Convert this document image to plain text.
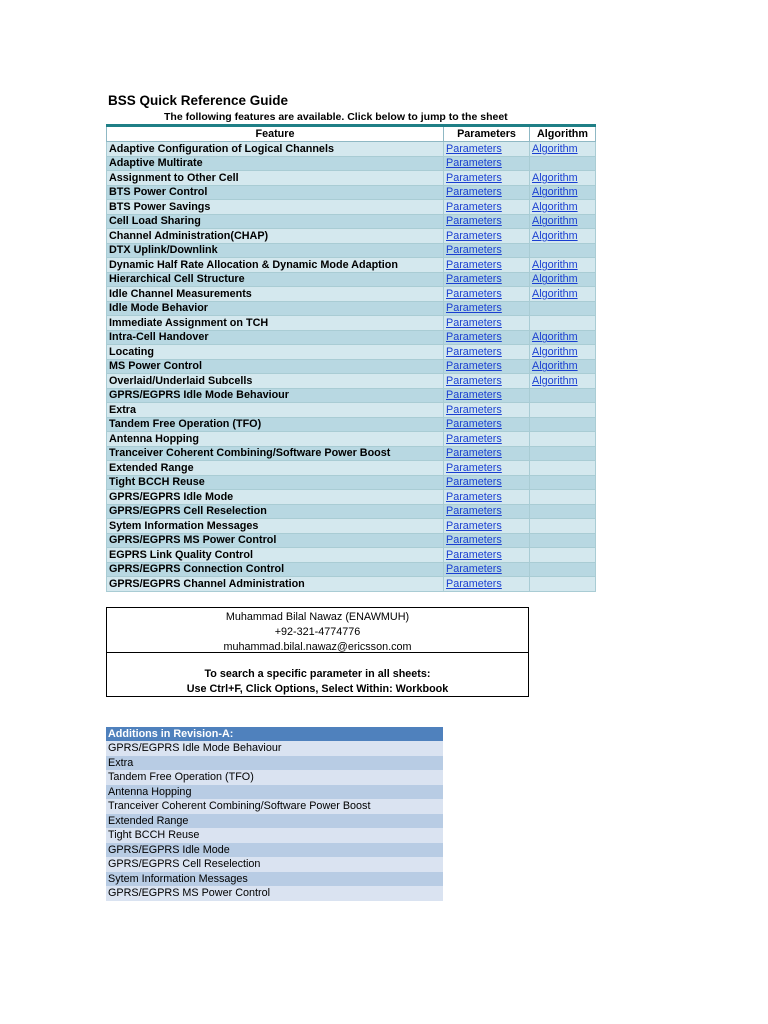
BSS Quick Reference Guide
The following features are available. Click below to jump to the sheet
Feature	Parameters	Algorithm
Adaptive Configuration of Logical Channels	Parameters	Algorithm
Adaptive Multirate	Parameters	
Assignment to Other Cell	Parameters	Algorithm
BTS Power Control	Parameters	Algorithm
BTS Power Savings	Parameters	Algorithm
Cell Load Sharing	Parameters	Algorithm
Channel Administration(CHAP)	Parameters	Algorithm
DTX Uplink/Downlink	Parameters	
Dynamic Half Rate Allocation & Dynamic Mode Adaption	Parameters	Algorithm
Hierarchical Cell Structure	Parameters	Algorithm
Idle Channel Measurements	Parameters	Algorithm
Idle Mode Behavior	Parameters	
Immediate Assignment on TCH	Parameters	
Intra-Cell Handover	Parameters	Algorithm
Locating	Parameters	Algorithm
MS Power Control	Parameters	Algorithm
Overlaid/Underlaid Subcells	Parameters	Algorithm
GPRS/EGPRS Idle Mode Behaviour	Parameters	
Extra	Parameters	
Tandem Free Operation (TFO)	Parameters	
Antenna Hopping	Parameters	
Tranceiver Coherent Combining/Software Power Boost	Parameters	
Extended Range	Parameters	
Tight BCCH Reuse	Parameters	
GPRS/EGPRS Idle Mode	Parameters	
GPRS/EGPRS Cell Reselection	Parameters	
Sytem Information Messages	Parameters	
GPRS/EGPRS MS Power Control	Parameters	
EGPRS Link Quality Control	Parameters	
GPRS/EGPRS Connection Control	Parameters	
GPRS/EGPRS Channel Administration	Parameters	
Muhammad Bilal Nawaz (ENAWMUH)
+92-321-4774776
muhammad.bilal.nawaz@ericsson.com
To search a specific parameter in all sheets:
Use Ctrl+F, Click Options, Select Within: Workbook
Additions in Revision-A:
GPRS/EGPRS Idle Mode Behaviour
Extra
Tandem Free Operation (TFO)
Antenna Hopping
Tranceiver Coherent Combining/Software Power Boost
Extended Range
Tight BCCH Reuse
GPRS/EGPRS Idle Mode
GPRS/EGPRS Cell Reselection
Sytem Information Messages
GPRS/EGPRS MS Power Control
